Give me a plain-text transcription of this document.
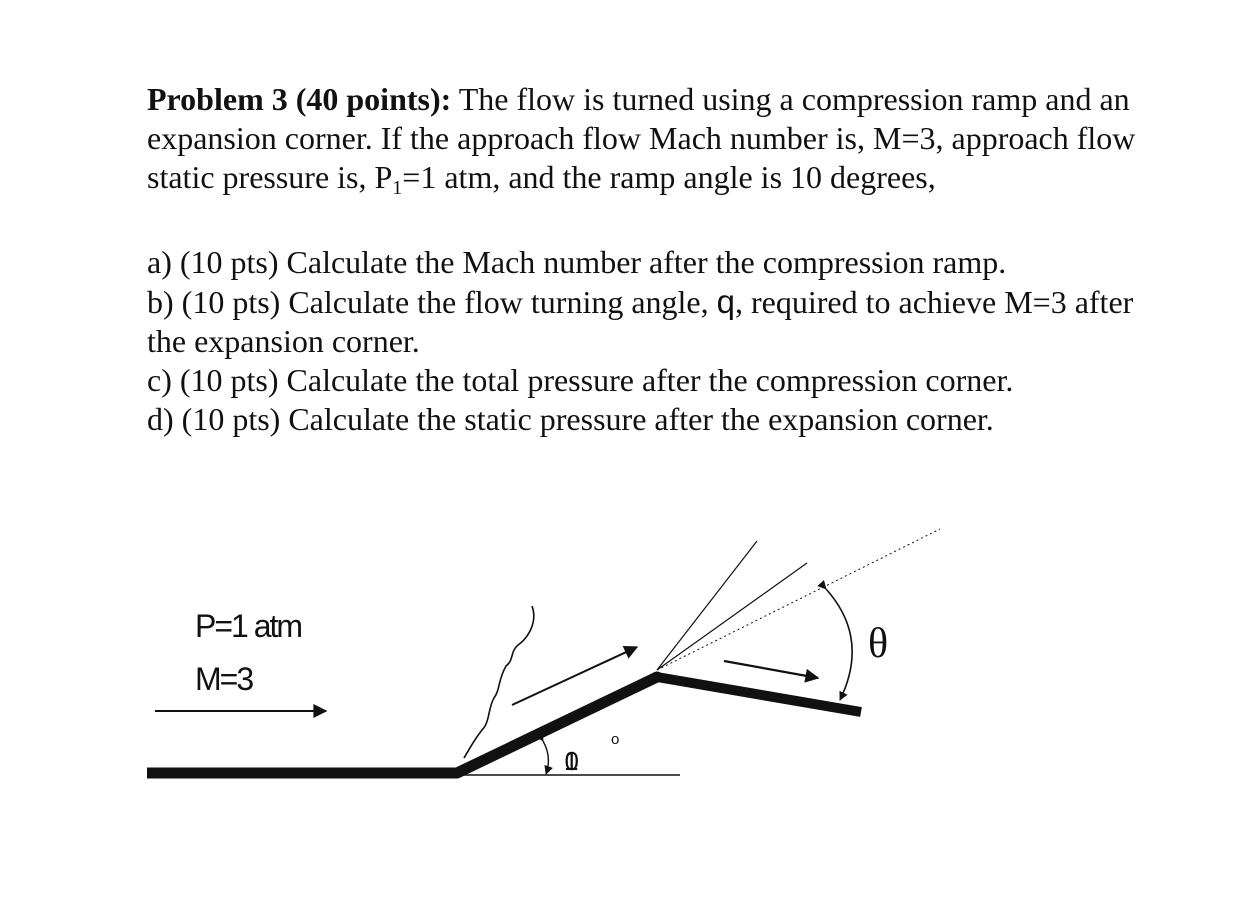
Problem 3 (40 points): The flow is turned using a compression ramp and an expansion corner. If the approach flow Mach number is, M=3, approach flow static pressure is, $P_1=1$ atm, and the ramp angle is 10 degrees,

a) (10 pts) Calculate the Mach number after the compression ramp.

b) (10 pts) Calculate the flow turning angle, q, required to achieve M=3 after the expansion corner.

c) (10 pts) Calculate the total pressure after the compression corner.

d) (10 pts) Calculate the static pressure after the expansion corner.

P=1 atm
M=3
θ
10
o
